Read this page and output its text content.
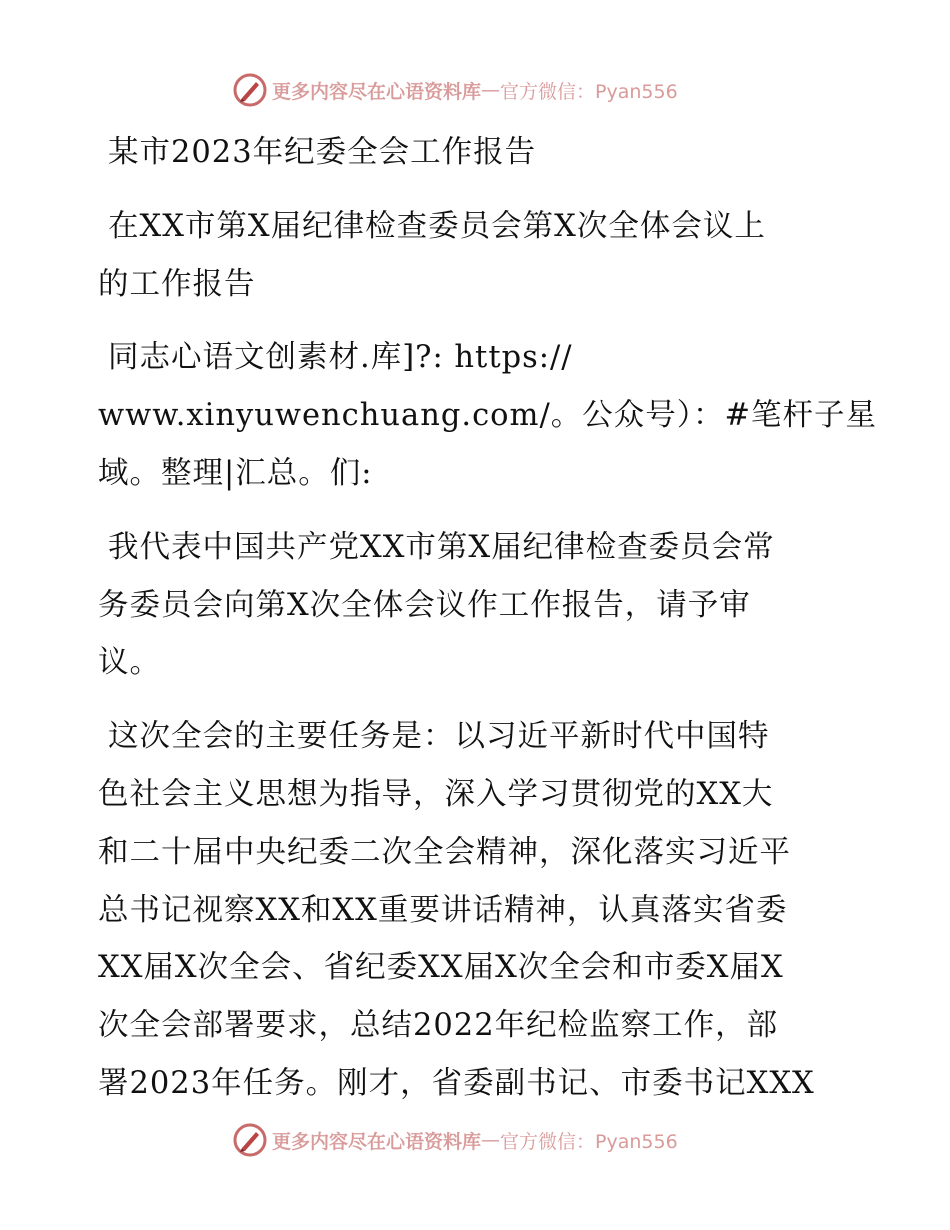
更多内容尽在心语资料库 — 官方微信：Pyan556
某市2023年纪委全会工作报告
在XX市第X届纪律检查委员会第X次全体会议上
的工作报告
同志心语文创素材.库]?: https://
www.xinyuwenchuang.com/。公众号）：#笔杆子星
域。整理|汇总。们:
我代表中国共产党XX市第X届纪律检查委员会常
务委员会向第X次全体会议作工作报告，请予审
议。
这次全会的主要任务是：以习近平新时代中国特
色社会主义思想为指导，深入学习贯彻党的XX大
和二十届中央纪委二次全会精神，深化落实习近平
总书记视察XX和XX重要讲话精神，认真落实省委
XX届X次全会、省纪委XX届X次全会和市委X届X
次全会部署要求，总结2022年纪检监察工作，部
署2023年任务。刚才，省委副书记、市委书记XXX
更多内容尽在心语资料库 — 官方微信：Pyan556
